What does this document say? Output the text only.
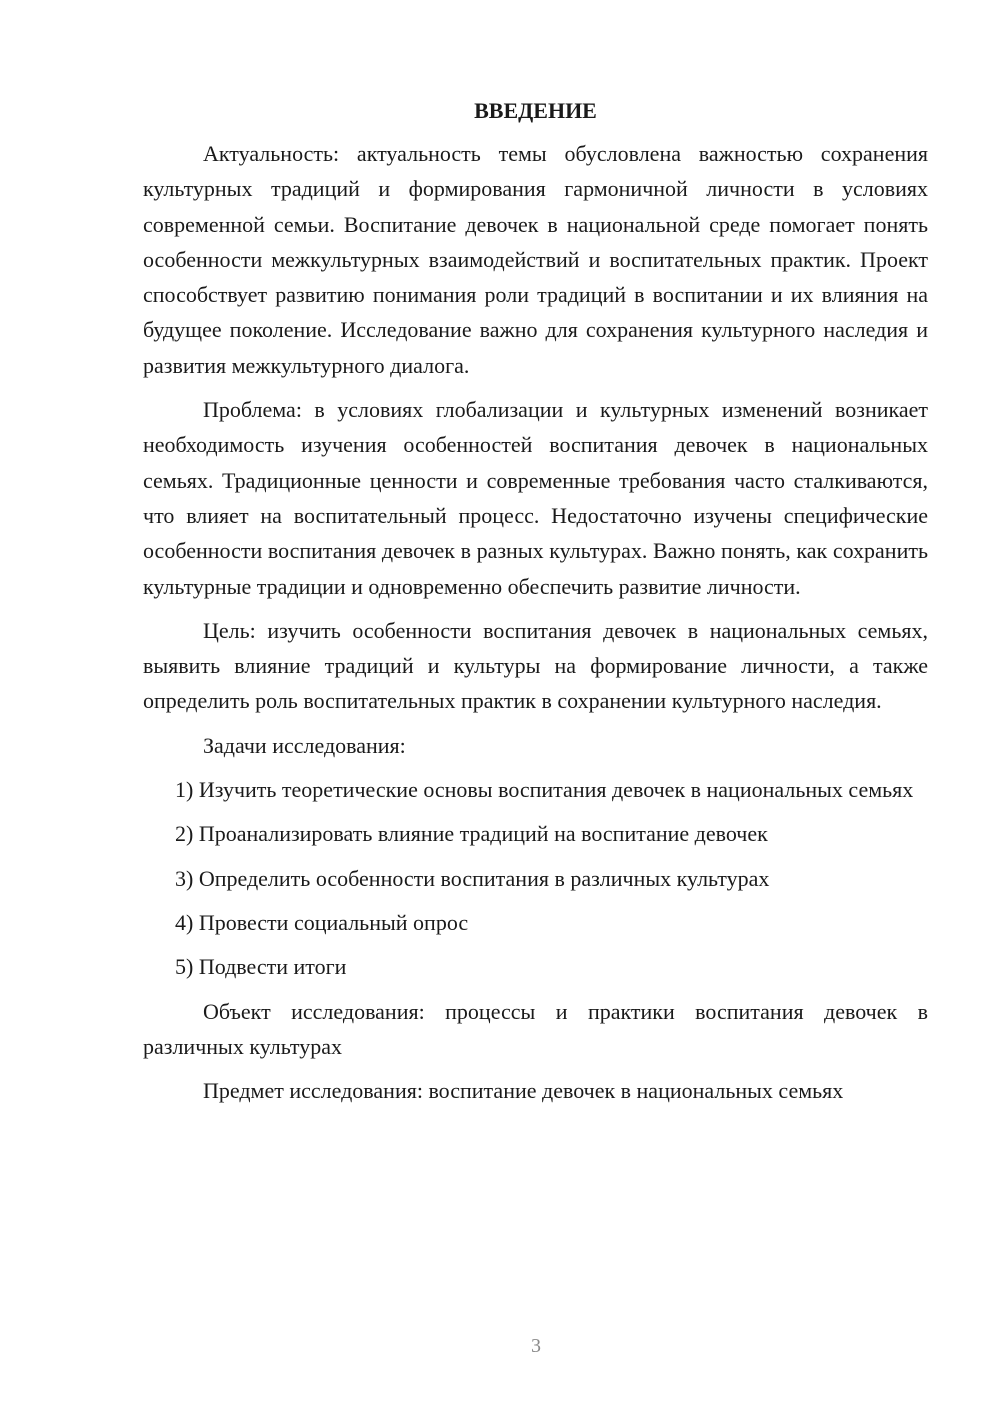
ВВЕДЕНИЕ

Актуальность: актуальность темы обусловлена важностью сохранения культурных традиций и формирования гармоничной личности в условиях современной семьи. Воспитание девочек в национальной среде помогает понять особенности межкультурных взаимодействий и воспитательных практик. Проект способствует развитию понимания роли традиций в воспитании и их влияния на будущее поколение. Исследование важно для сохранения культурного наследия и развития межкультурного диалога.

Проблема: в условиях глобализации и культурных изменений возникает необходимость изучения особенностей воспитания девочек в национальных семьях. Традиционные ценности и современные требования часто сталкиваются, что влияет на воспитательный процесс. Недостаточно изучены специфические особенности воспитания девочек в разных культурах. Важно понять, как сохранить культурные традиции и одновременно обеспечить развитие личности.

Цель: изучить особенности воспитания девочек в национальных семьях, выявить влияние традиций и культуры на формирование личности, а также определить роль воспитательных практик в сохранении культурного наследия.

Задачи исследования:

1) Изучить теоретические основы воспитания девочек в национальных семьях

2) Проанализировать влияние традиций на воспитание девочек

3) Определить особенности воспитания в различных культурах

4) Провести социальный опрос

5) Подвести итоги

Объект исследования: процессы и практики воспитания девочек в различных культурах

Предмет исследования: воспитание девочек в национальных семьях

3
